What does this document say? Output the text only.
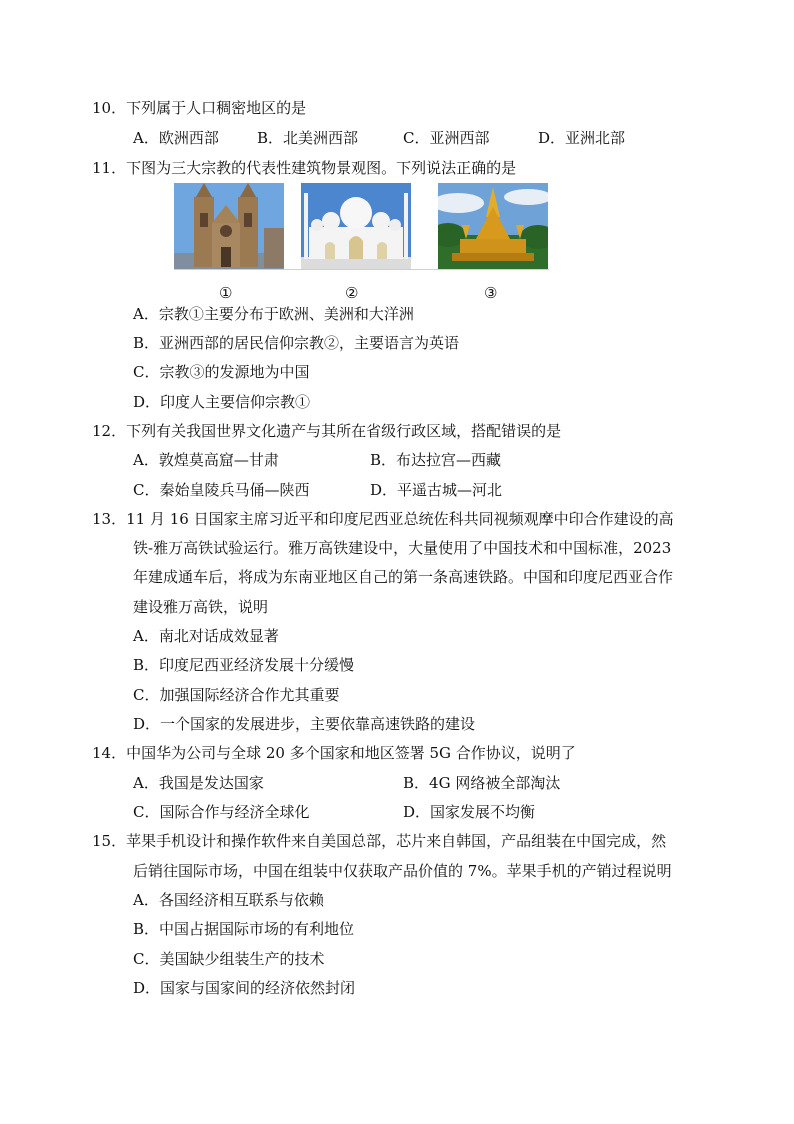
10．下列属于人口稠密地区的是
A．欧洲西部	B．北美洲西部	C．亚洲西部	D．亚洲北部
11．下图为三大宗教的代表性建筑物景观图。下列说法正确的是
①	②	③
A．宗教①主要分布于欧洲、美洲和大洋洲
B．亚洲西部的居民信仰宗教②，主要语言为英语
C．宗教③的发源地为中国
D．印度人主要信仰宗教①
12．下列有关我国世界文化遗产与其所在省级行政区域，搭配错误的是
A．敦煌莫高窟—甘肃	B．布达拉宫—西藏
C．秦始皇陵兵马俑—陕西	D．平遥古城—河北
13．11 月 16 日国家主席习近平和印度尼西亚总统佐科共同视频观摩中印合作建设的高
铁-雅万高铁试验运行。雅万高铁建设中，大量使用了中国技术和中国标准，2023
年建成通车后，将成为东南亚地区自己的第一条高速铁路。中国和印度尼西亚合作
建设雅万高铁，说明
A．南北对话成效显著
B．印度尼西亚经济发展十分缓慢
C．加强国际经济合作尤其重要
D．一个国家的发展进步，主要依靠高速铁路的建设
14．中国华为公司与全球 20 多个国家和地区签署 5G 合作协议，说明了
A．我国是发达国家	B．4G 网络被全部淘汰
C．国际合作与经济全球化	D．国家发展不均衡
15．苹果手机设计和操作软件来自美国总部，芯片来自韩国，产品组装在中国完成，然
后销往国际市场，中国在组装中仅获取产品价值的 7%。苹果手机的产销过程说明
A．各国经济相互联系与依赖
B．中国占据国际市场的有利地位
C．美国缺少组装生产的技术
D．国家与国家间的经济依然封闭
